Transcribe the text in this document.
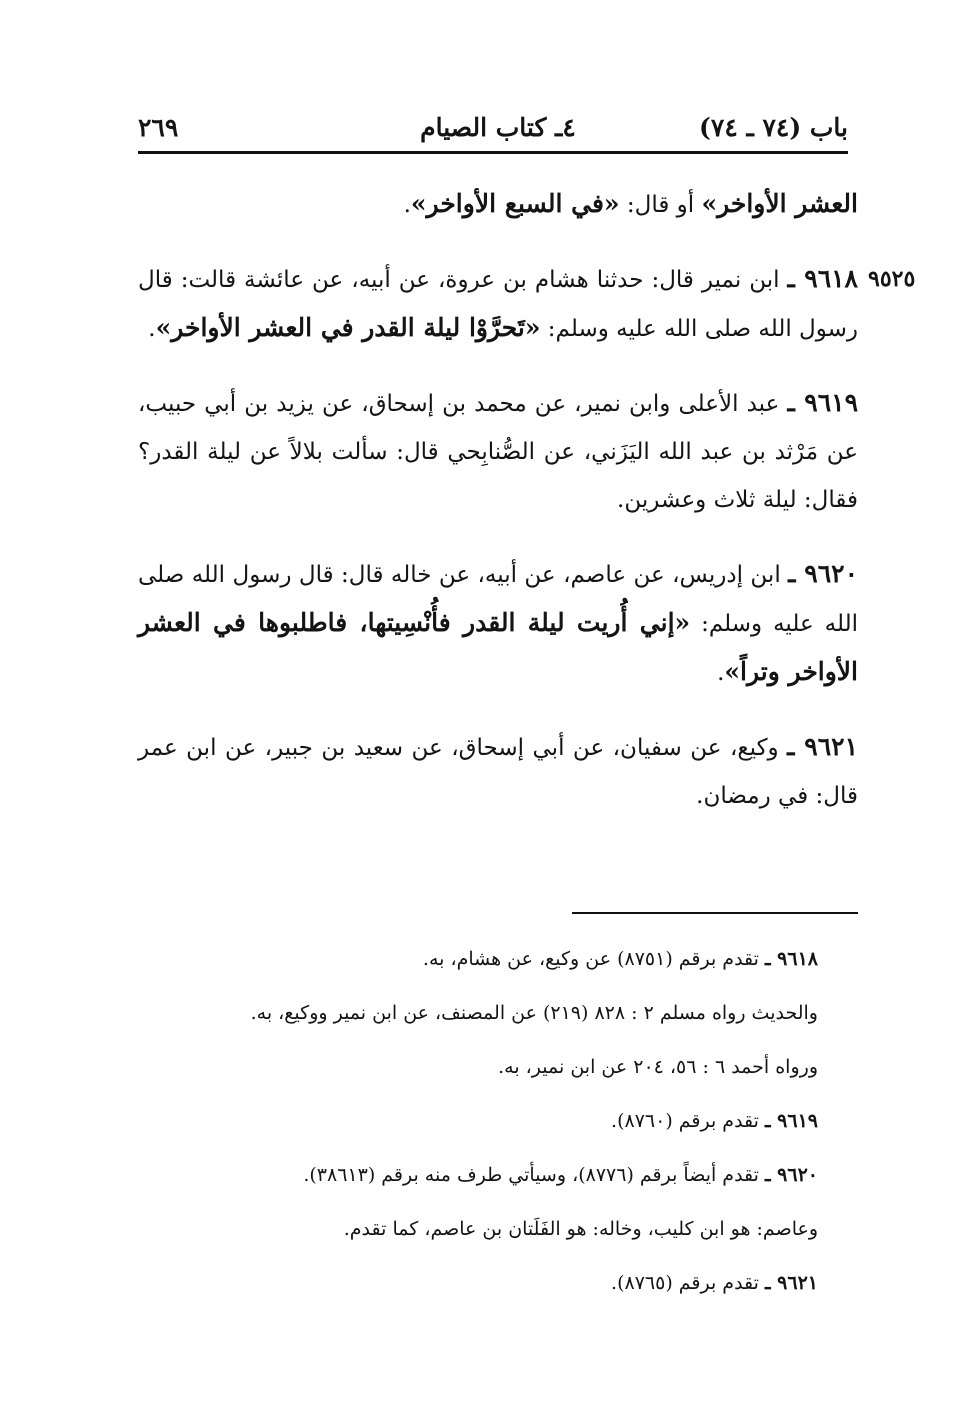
باب (٧٤ ـ ٧٤)
٤ـ كتاب الصيام
٢٦٩
٩٥٢٥

العشر الأواخر» أو قال: «في السبع الأواخر».

٩٦١٨ ـ ابن نمير قال: حدثنا هشام بن عروة، عن أبيه، عن عائشة قالت: قال رسول الله صلى الله عليه وسلم: «تَحرَّوْا ليلة القدر في العشر الأواخر».

٩٦١٩ ـ عبد الأعلى وابن نمير، عن محمد بن إسحاق، عن يزيد بن أبي حبيب، عن مَرْثد بن عبد الله اليَزَني، عن الصُّنابِحي قال: سألت بلالاً عن ليلة القدر؟ فقال: ليلة ثلاث وعشرين.

٩٦٢٠ ـ ابن إدريس، عن عاصم، عن أبيه، عن خاله قال: قال رسول الله صلى الله عليه وسلم: «إني أُريت ليلة القدر فأُنْسِيتها، فاطلبوها في العشر الأواخر وتراً».

٩٦٢١ ـ وكيع، عن سفيان، عن أبي إسحاق، عن سعيد بن جبير، عن ابن عمر قال: في رمضان.

٩٦١٨ ـ تقدم برقم (٨٧٥١) عن وكيع، عن هشام، به.

والحديث رواه مسلم ٢ : ٨٢٨ (٢١٩) عن المصنف، عن ابن نمير ووكيع، به.

ورواه أحمد ٦ : ٥٦، ٢٠٤ عن ابن نمير، به.

٩٦١٩ ـ تقدم برقم (٨٧٦٠).

٩٦٢٠ ـ تقدم أيضاً برقم (٨٧٧٦)، وسيأتي طرف منه برقم (٣٨٦١٣).

وعاصم: هو ابن كليب، وخاله: هو الفَلَتان بن عاصم، كما تقدم.

٩٦٢١ ـ تقدم برقم (٨٧٦٥).
